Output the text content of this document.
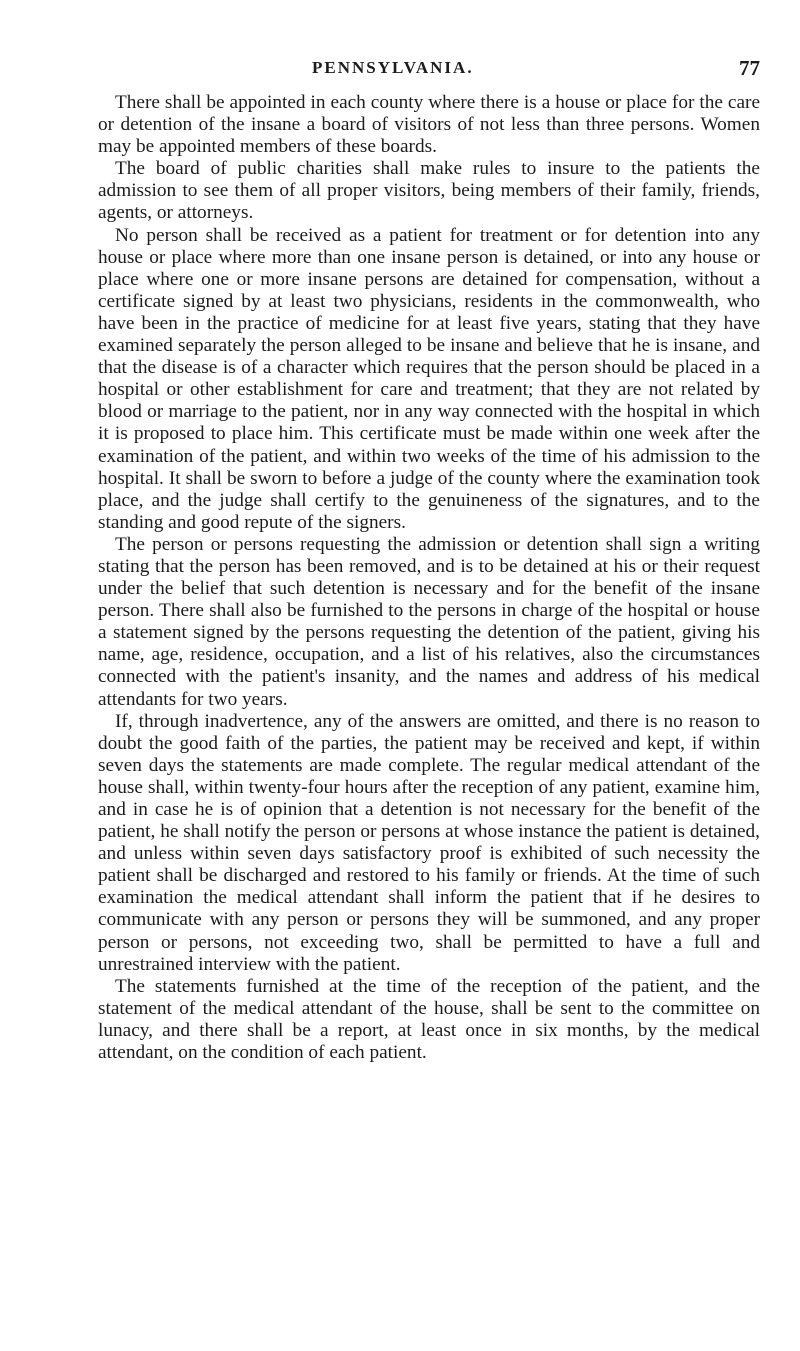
PENNSYLVANIA.	77

There shall be appointed in each county where there is a house or place for the care or detention of the insane a board of visitors of not less than three persons. Women may be appointed members of these boards.

The board of public charities shall make rules to insure to the patients the admission to see them of all proper visitors, being members of their family, friends, agents, or attorneys.

No person shall be received as a patient for treatment or for detention into any house or place where more than one insane person is detained, or into any house or place where one or more insane persons are detained for compensation, without a certificate signed by at least two physicians, residents in the commonwealth, who have been in the practice of medicine for at least five years, stating that they have examined separately the person alleged to be insane and believe that he is insane, and that the disease is of a character which requires that the person should be placed in a hospital or other establishment for care and treatment; that they are not related by blood or marriage to the patient, nor in any way connected with the hospital in which it is proposed to place him. This certificate must be made within one week after the examination of the patient, and within two weeks of the time of his admission to the hospital. It shall be sworn to before a judge of the county where the examination took place, and the judge shall certify to the genuineness of the signatures, and to the standing and good repute of the signers.

The person or persons requesting the admission or detention shall sign a writing stating that the person has been removed, and is to be detained at his or their request under the belief that such detention is necessary and for the benefit of the insane person. There shall also be furnished to the persons in charge of the hospital or house a statement signed by the persons requesting the detention of the patient, giving his name, age, residence, occupation, and a list of his relatives, also the circumstances connected with the patient's insanity, and the names and address of his medical attendants for two years.

If, through inadvertence, any of the answers are omitted, and there is no reason to doubt the good faith of the parties, the patient may be received and kept, if within seven days the statements are made complete. The regular medical attendant of the house shall, within twenty-four hours after the reception of any patient, examine him, and in case he is of opinion that a detention is not necessary for the benefit of the patient, he shall notify the person or persons at whose instance the patient is detained, and unless within seven days satisfactory proof is exhibited of such necessity the patient shall be discharged and restored to his family or friends. At the time of such examination the medical attendant shall inform the patient that if he desires to communicate with any person or persons they will be summoned, and any proper person or persons, not exceeding two, shall be permitted to have a full and unrestrained interview with the patient.

The statements furnished at the time of the reception of the patient, and the statement of the medical attendant of the house, shall be sent to the committee on lunacy, and there shall be a report, at least once in six months, by the medical attendant, on the condition of each patient.
